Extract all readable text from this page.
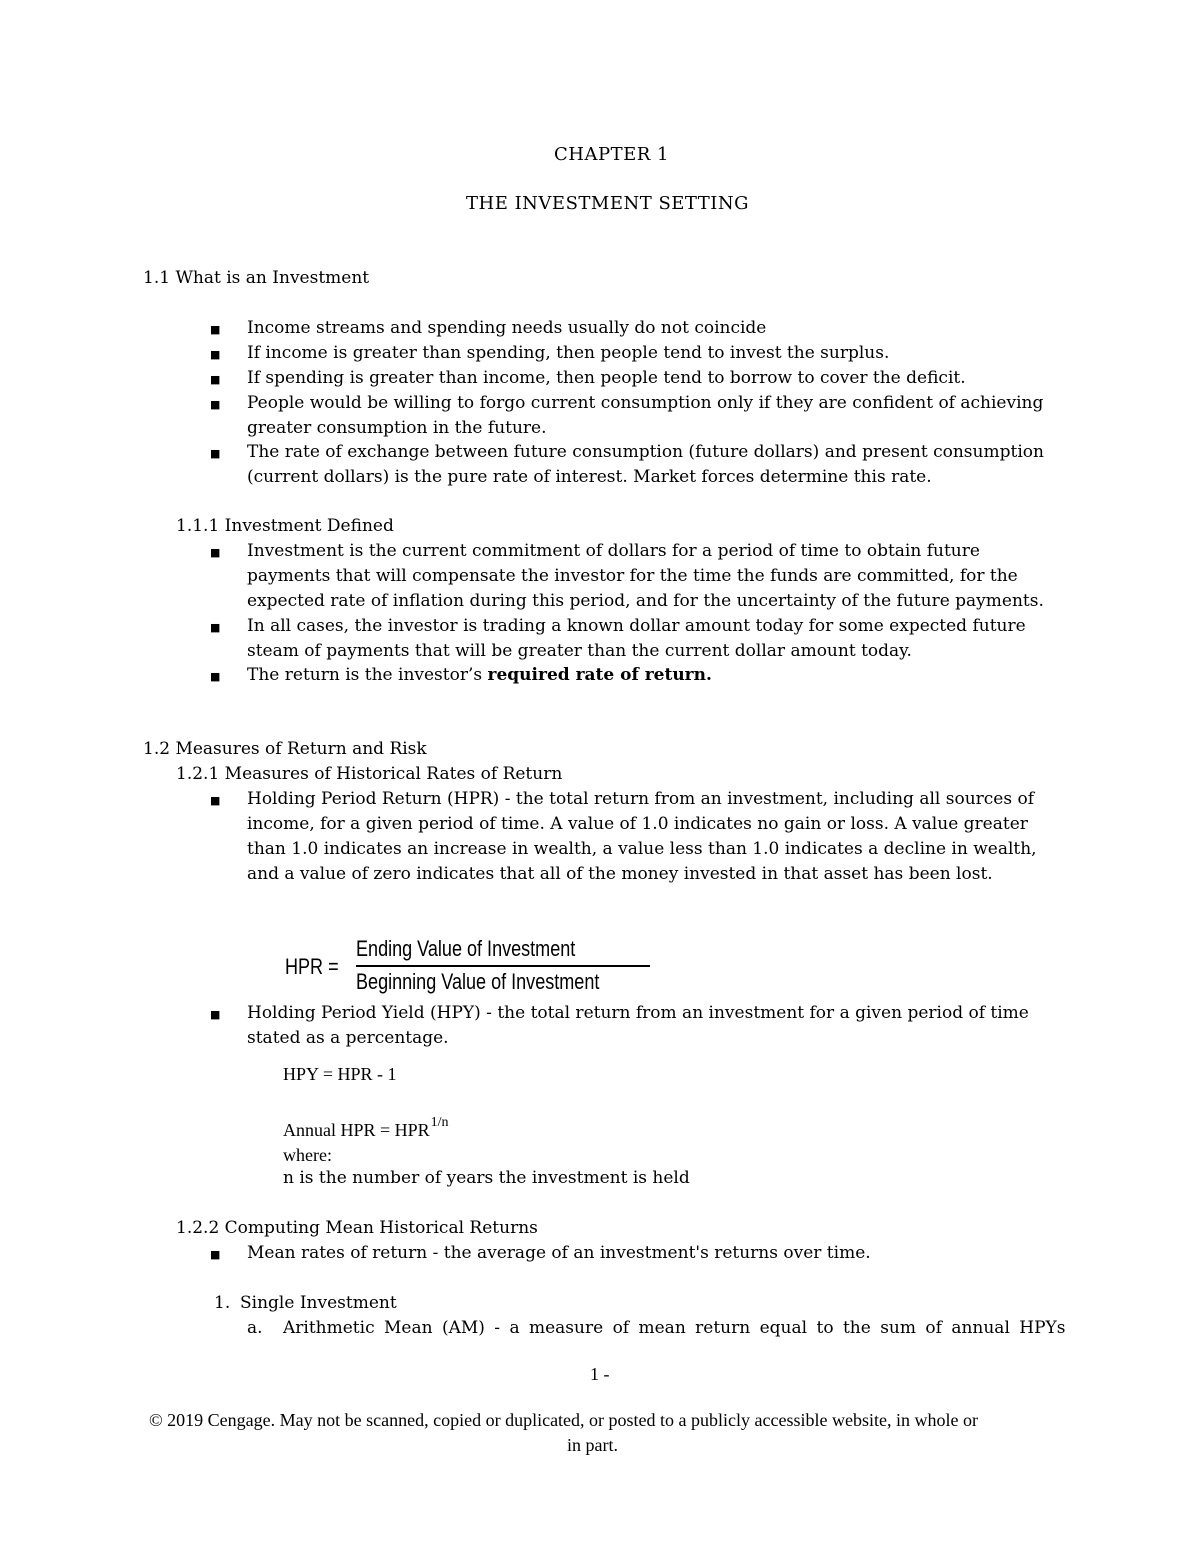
CHAPTER 1
THE INVESTMENT SETTING
1.1 What is an Investment
■ Income streams and spending needs usually do not coincide
■ If income is greater than spending, then people tend to invest the surplus.
■ If spending is greater than income, then people tend to borrow to cover the deficit.
■ People would be willing to forgo current consumption only if they are confident of achieving
greater consumption in the future.
■ The rate of exchange between future consumption (future dollars) and present consumption
(current dollars) is the pure rate of interest. Market forces determine this rate.
1.1.1 Investment Defined
■ Investment is the current commitment of dollars for a period of time to obtain future
payments that will compensate the investor for the time the funds are committed, for the
expected rate of inflation during this period, and for the uncertainty of the future payments.
■ In all cases, the investor is trading a known dollar amount today for some expected future
steam of payments that will be greater than the current dollar amount today.
■ The return is the investor’s required rate of return.
1.2 Measures of Return and Risk
1.2.1 Measures of Historical Rates of Return
■ Holding Period Return (HPR) - the total return from an investment, including all sources of
income, for a given period of time. A value of 1.0 indicates no gain or loss. A value greater
than 1.0 indicates an increase in wealth, a value less than 1.0 indicates a decline in wealth,
and a value of zero indicates that all of the money invested in that asset has been lost.
HPR =
Ending Value of Investment
Beginning Value of Investment
■ Holding Period Yield (HPY) - the total return from an investment for a given period of time
stated as a percentage.
HPY = HPR - 1
Annual HPR = $HPR^{1/n}$
where:
n is the number of years the investment is held
1.2.2 Computing Mean Historical Returns
■ Mean rates of return - the average of an investment's returns over time.
1. Single Investment
a. Arithmetic Mean (AM) - a measure of mean return equal to the sum of annual HPYs
1 -
© 2019 Cengage. May not be scanned, copied or duplicated, or posted to a publicly accessible website, in whole or
in part.
